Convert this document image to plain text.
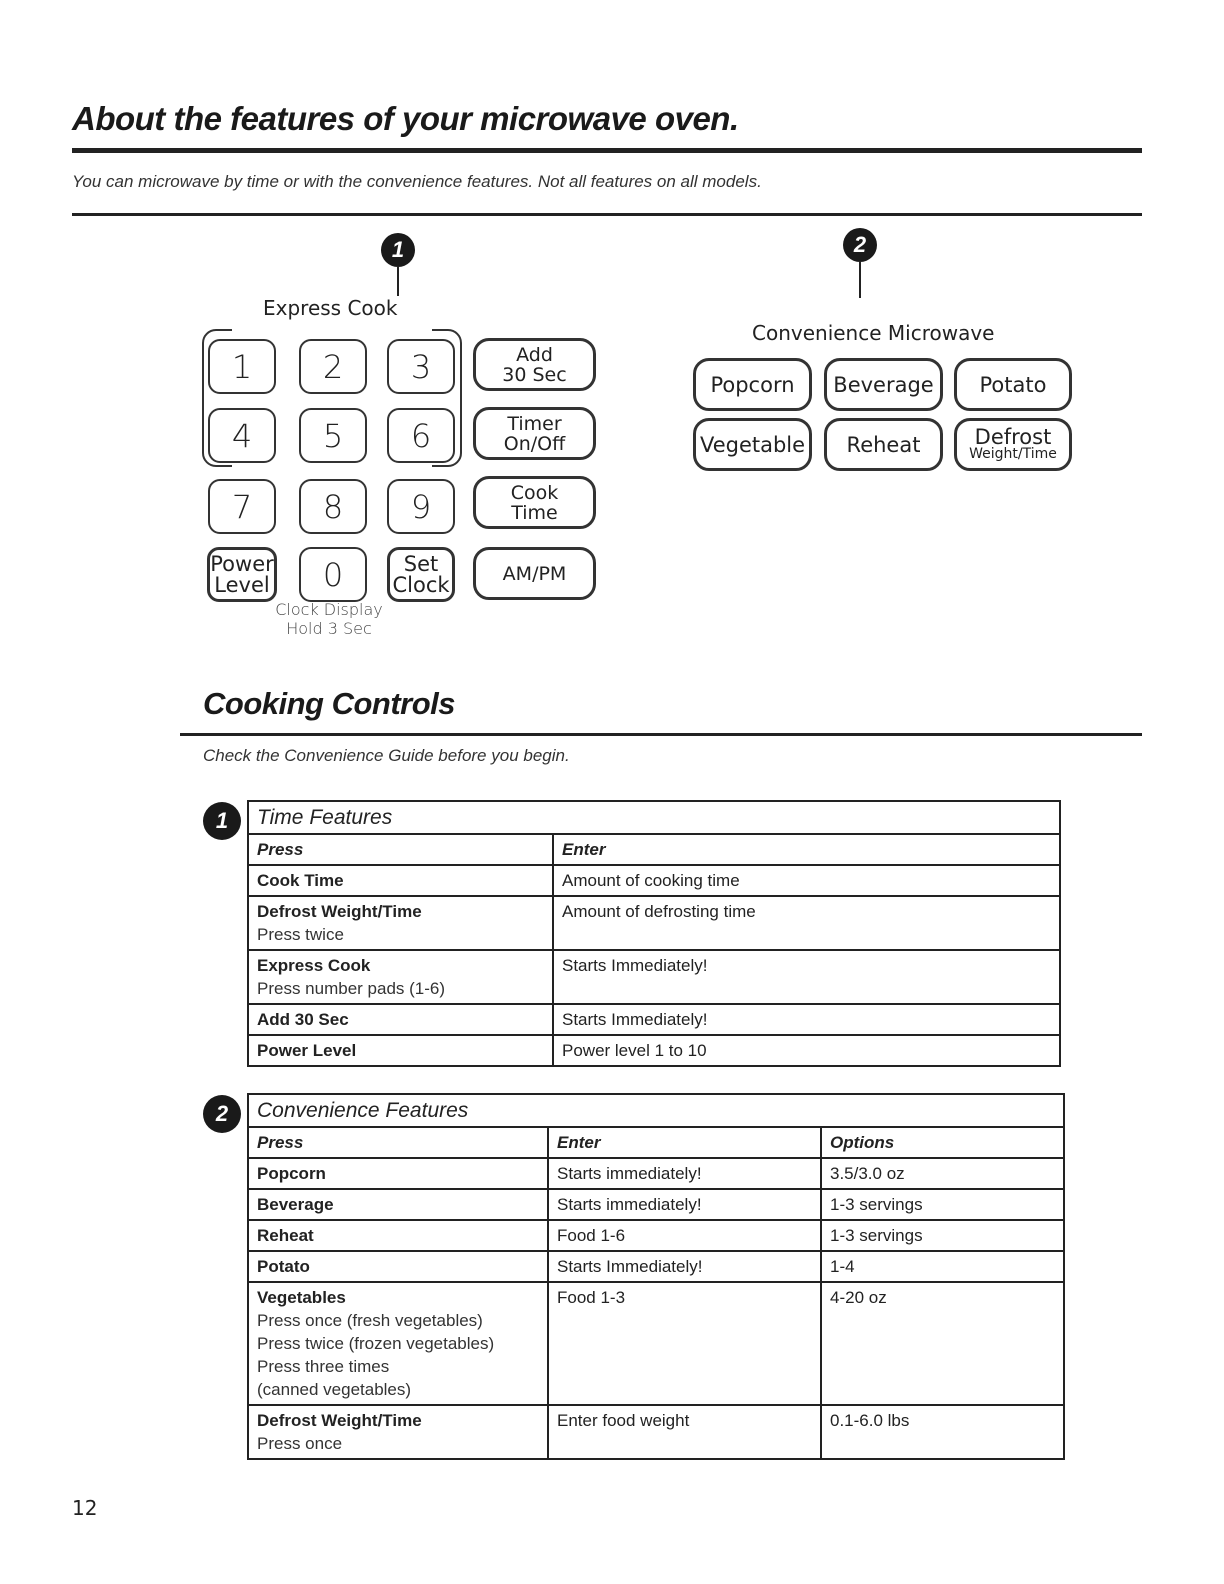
About the features of your microwave oven.
You can microwave by time or with the convenience features. Not all features on all models.
1
Express Cook
1 2 3
4 5 6
7 8 9
Power
Level 0	Set
Clock
Clock Display
Hold 3 Sec
Add
30 Sec
Timer
On/Off
Cook
Time
AM/PM
2
Convenience Microwave
Popcorn Beverage Potato
Vegetable Reheat	Defrost
Weight/Time
Cooking Controls
Check the Convenience Guide before you begin.
1	Time Features	
Press	Enter

Cook Time	Amount of cooking time

Defrost Weight/Time
Press twice	Amount of defrosting time

Express Cook
Press number pads (1-6)	Starts Immediately!

Add 30 Sec	Starts Immediately!

Power Level	Power level 1 to 10
2	Convenience Features		
Press	Enter	Options

Popcorn	Starts immediately!	3.5/3.0 oz

Beverage	Starts immediately!	1-3 servings

Reheat	Food 1-6	1-3 servings

Potato	Starts Immediately!	1-4

Vegetables
Press once (fresh vegetables)
Press twice (frozen vegetables)
Press three times
(canned vegetables)	Food 1-3	4-20 oz

Defrost Weight/Time
Press once	Enter food weight	0.1-6.0 lbs
12
